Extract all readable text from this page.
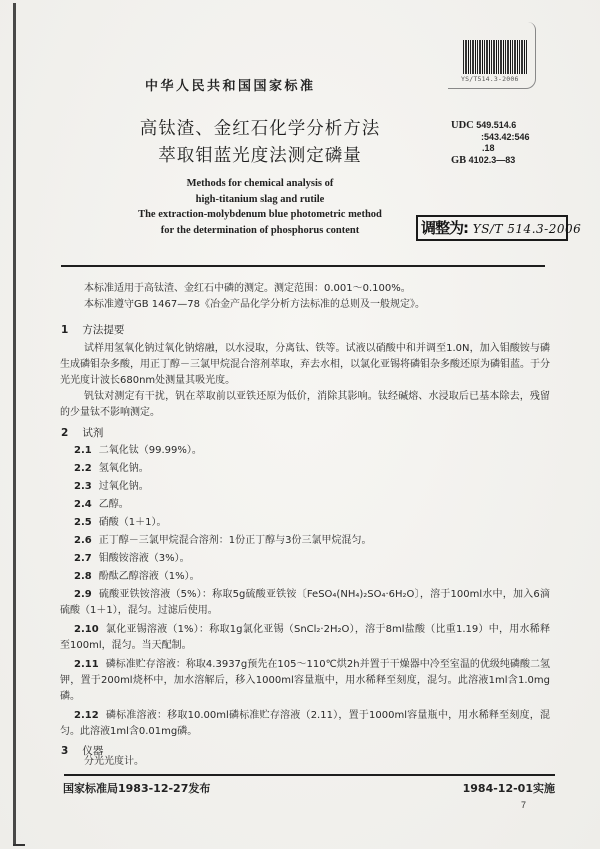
YS/T514.3-2006
中华人民共和国国家标准
高钛渣、金红石化学分析方法
萃取钼蓝光度法测定磷量
Methods for chemical analysis of
high-titanium slag and rutile
The extraction-molybdenum blue photometric method
for the determination of phosphorus content
UDC 549.514.6
:543.42:546
.18
GB 4102.3—83
调整为: YS/T 514.3-2006

本标准适用于高钛渣、金红石中磷的测定。测定范围：0.001～0.100%。

本标准遵守GB 1467—78《冶金产品化学分析方法标准的总则及一般规定》。

1 方法提要

试样用氢氧化钠过氧化钠熔融，以水浸取，分离钛、铁等。试液以硝酸中和并调至1.0N，加入钼酸铵与磷生成磷钼杂多酸，用正丁醇－三氯甲烷混合溶剂萃取，弃去水相，以氯化亚锡将磷钼杂多酸还原为磷钼蓝。于分光光度计波长680nm处测量其吸光度。

钒钛对测定有干扰，钒在萃取前以亚铁还原为低价，消除其影响。钛经碱熔、水浸取后已基本除去，残留的少量钛不影响测定。

2 试剂
2.1 二氧化钛（99.99%）。
2.2 氢氧化钠。
2.3 过氧化钠。
2.4 乙醇。
2.5 硝酸（1＋1）。
2.6 正丁醇－三氯甲烷混合溶剂：1份正丁醇与3份三氯甲烷混匀。
2.7 钼酸铵溶液（3%）。
2.8 酚酞乙醇溶液（1%）。
2.9 硫酸亚铁铵溶液（5%）：称取5g硫酸亚铁铵〔FeSO₄(NH₄)₂SO₄·6H₂O〕，溶于100ml水中，加入6滴硫酸（1＋1），混匀。过滤后使用。
2.10 氯化亚锡溶液（1%）：称取1g氯化亚锡（SnCl₂·2H₂O），溶于8ml盐酸（比重1.19）中，用水稀释至100ml，混匀。当天配制。
2.11 磷标准贮存溶液：称取4.3937g预先在105～110℃烘2h并置于干燥器中冷至室温的优级纯磷酸二氢钾，置于200ml烧杯中，加水溶解后，移入1000ml容量瓶中，用水稀释至刻度，混匀。此溶液1ml含1.0mg磷。
2.12 磷标准溶液：移取10.00ml磷标准贮存溶液（2.11），置于1000ml容量瓶中，用水稀释至刻度，混匀。此溶液1ml含0.01mg磷。
3 仪器

分光光度计。

国家标准局1983-12-27发布	1984-12-01实施
7
